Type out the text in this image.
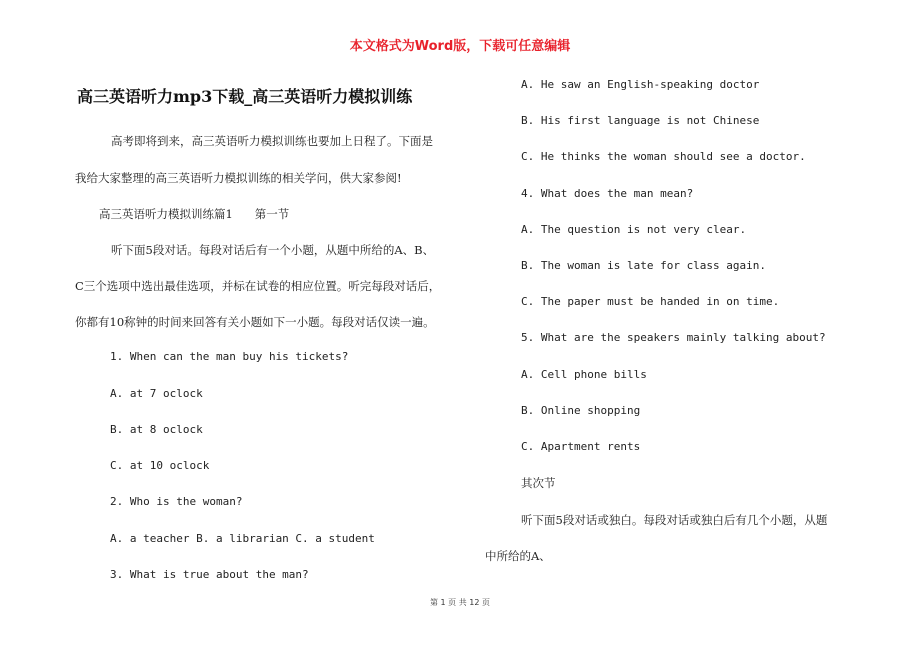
本文格式为Word版，下载可任意编辑
高三英语听力mp3下载_高三英语听力模拟训练
高考即将到来，高三英语听力模拟训练也要加上日程了。下面是
我给大家整理的高三英语听力模拟训练的相关学问，供大家参阅!
高三英语听力模拟训练篇1      第一节
听下面5段对话。每段对话后有一个小题，从题中所给的A、B、
C三个选项中选出最佳选项，并标在试卷的相应位置。听完每段对话后，
你都有10称钟的时间来回答有关小题如下一小题。每段对话仅读一遍。
1. When can the man buy his tickets?
A. at 7 oclock
B. at 8 oclock
C. at 10 oclock
2. Who is the woman?
A. a teacher B. a librarian C. a student
3. What is true about the man?
A. He saw an English-speaking doctor
B. His first language is not Chinese
C. He thinks the woman should see a doctor.
4. What does the man mean?
A. The question is not very clear.
B. The woman is late for class again.
C. The paper must be handed in on time.
5. What are the speakers mainly talking about?
A. Cell phone bills
B. Online shopping
C. Apartment rents
其次节
听下面5段对话或独白。每段对话或独白后有几个小题，从题
中所给的A、
第 1 页 共 12 页
